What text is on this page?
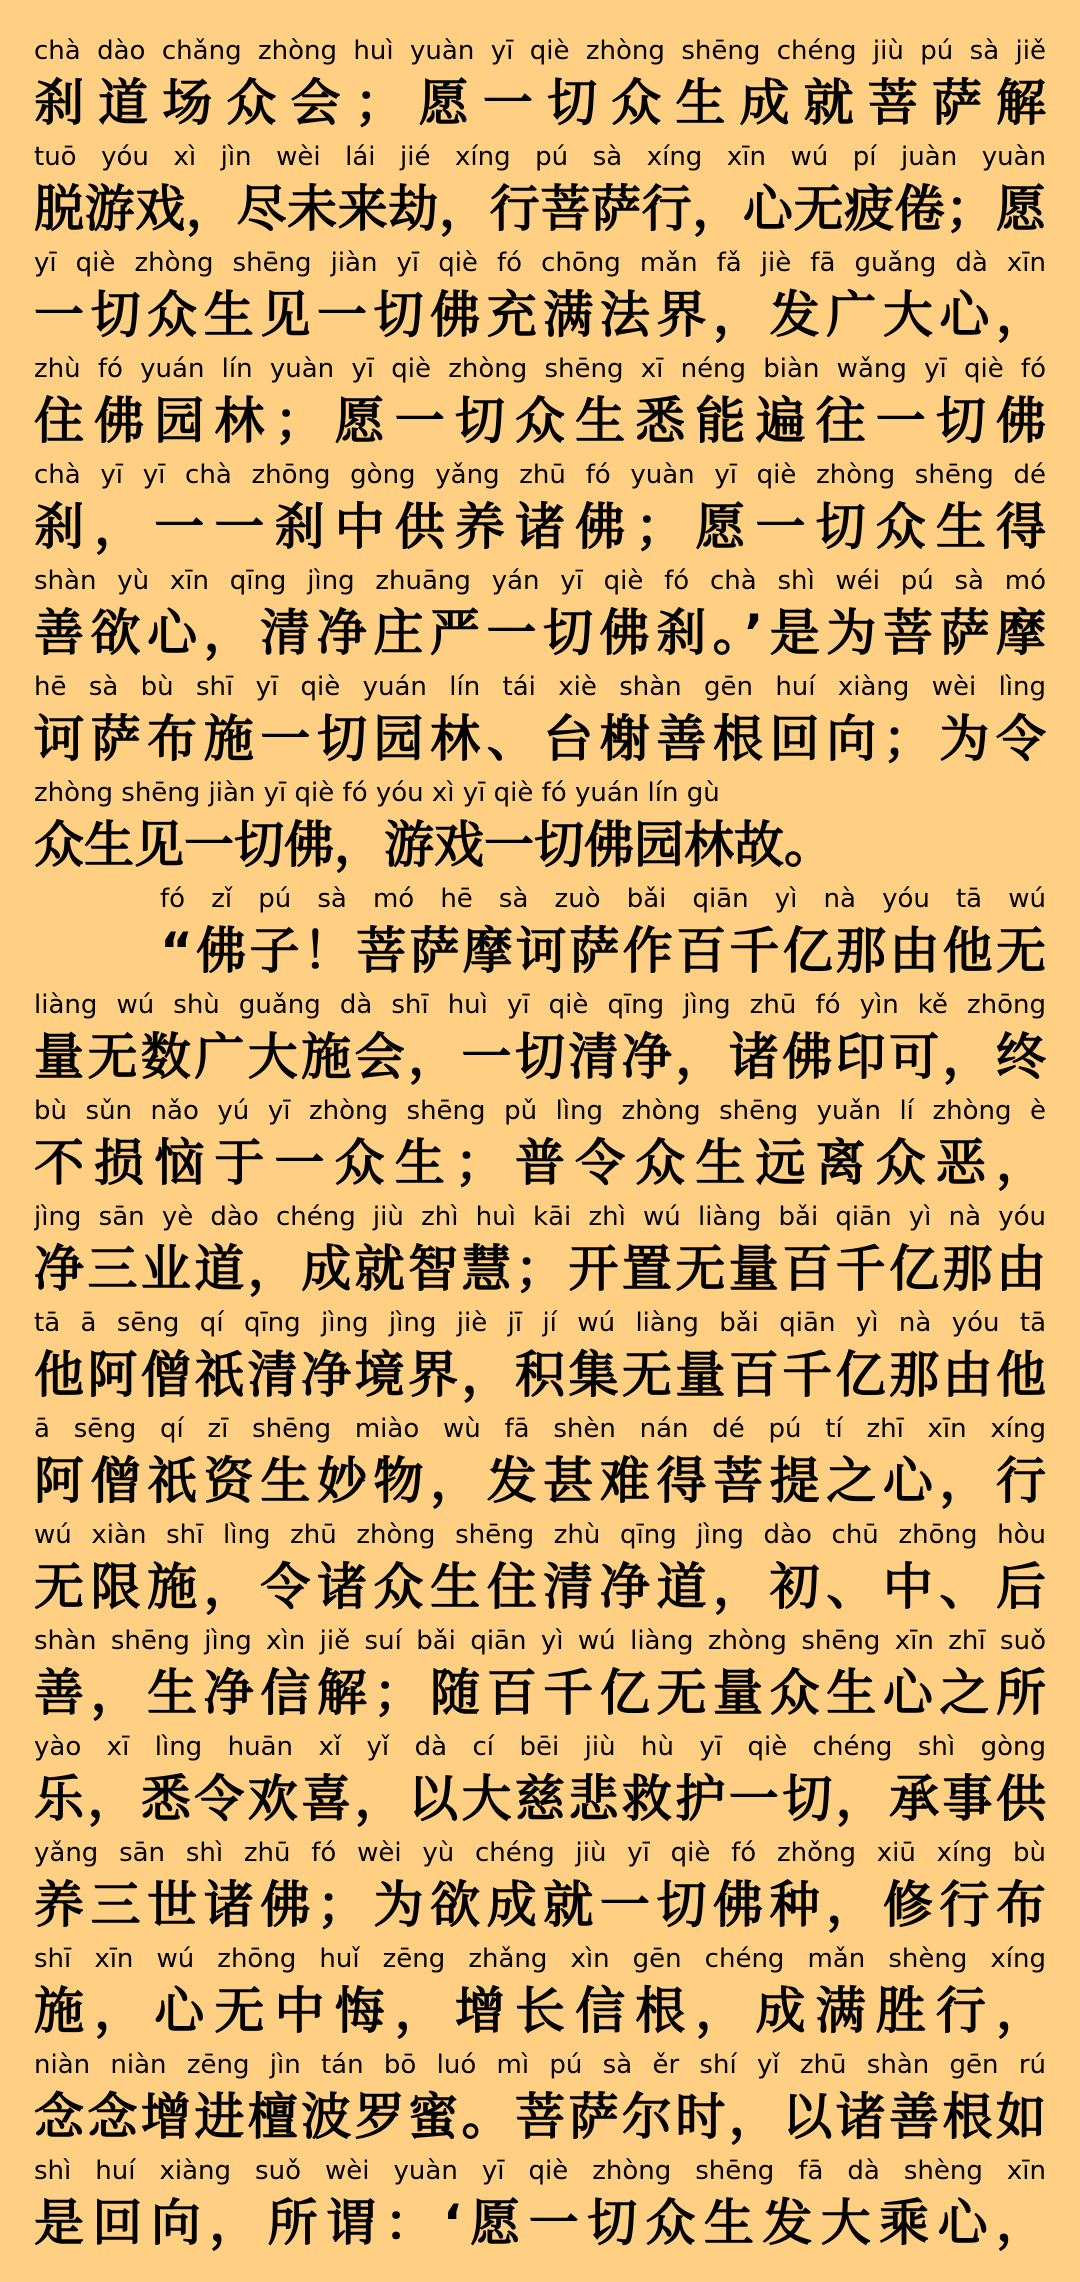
chà dào chǎng zhòng huì yuàn yī qiè zhòng shēng chéng jiù pú sà jiě
刹道场众会；愿一切众生成就菩萨解
tuō yóu xì jìn wèi lái jié xíng pú sà xíng xīn wú pí juàn yuàn
脱游戏，尽未来劫，行菩萨行，心无疲倦；愿
yī qiè zhòng shēng jiàn yī qiè fó chōng mǎn fǎ jiè fā guǎng dà xīn
一切众生见一切佛充满法界，发广大心，
zhù fó yuán lín yuàn yī qiè zhòng shēng xī néng biàn wǎng yī qiè fó
住佛园林；愿一切众生悉能遍往一切佛
chà yī yī chà zhōng gòng yǎng zhū fó yuàn yī qiè zhòng shēng dé
刹，一一刹中供养诸佛；愿一切众生得
shàn yù xīn qīng jìng zhuāng yán yī qiè fó chà shì wéi pú sà mó
善欲心，清净庄严一切佛刹。’是为菩萨摩
hē sà bù shī yī qiè yuán lín tái xiè shàn gēn huí xiàng wèi lìng
诃萨布施一切园林、台榭善根回向；为令
zhòng shēng jiàn yī qiè fó yóu xì yī qiè fó yuán lín gù
众生见一切佛，游戏一切佛园林故。
fó zǐ pú sà mó hē sà zuò bǎi qiān yì nà yóu tā wú
“佛子！菩萨摩诃萨作百千亿那由他无
liàng wú shù guǎng dà shī huì yī qiè qīng jìng zhū fó yìn kě zhōng
量无数广大施会，一切清净，诸佛印可，终
bù sǔn nǎo yú yī zhòng shēng pǔ lìng zhòng shēng yuǎn lí zhòng è
不损恼于一众生；普令众生远离众恶，
jìng sān yè dào chéng jiù zhì huì kāi zhì wú liàng bǎi qiān yì nà yóu
净三业道，成就智慧；开置无量百千亿那由
tā ā sēng qí qīng jìng jìng jiè jī jí wú liàng bǎi qiān yì nà yóu tā
他阿僧祇清净境界，积集无量百千亿那由他
ā sēng qí zī shēng miào wù fā shèn nán dé pú tí zhī xīn xíng
阿僧祇资生妙物，发甚难得菩提之心，行
wú xiàn shī lìng zhū zhòng shēng zhù qīng jìng dào chū zhōng hòu
无限施，令诸众生住清净道，初、中、后
shàn shēng jìng xìn jiě suí bǎi qiān yì wú liàng zhòng shēng xīn zhī suǒ
善，生净信解；随百千亿无量众生心之所
yào xī lìng huān xǐ yǐ dà cí bēi jiù hù yī qiè chéng shì gòng
乐，悉令欢喜，以大慈悲救护一切，承事供
yǎng sān shì zhū fó wèi yù chéng jiù yī qiè fó zhǒng xiū xíng bù
养三世诸佛；为欲成就一切佛种，修行布
shī xīn wú zhōng huǐ zēng zhǎng xìn gēn chéng mǎn shèng xíng
施，心无中悔，增长信根，成满胜行，
niàn niàn zēng jìn tán bō luó mì pú sà ěr shí yǐ zhū shàn gēn rú
念念增进檀波罗蜜。菩萨尔时，以诸善根如
shì huí xiàng suǒ wèi yuàn yī qiè zhòng shēng fā dà shèng xīn
是回向，所谓：‘愿一切众生发大乘心，
